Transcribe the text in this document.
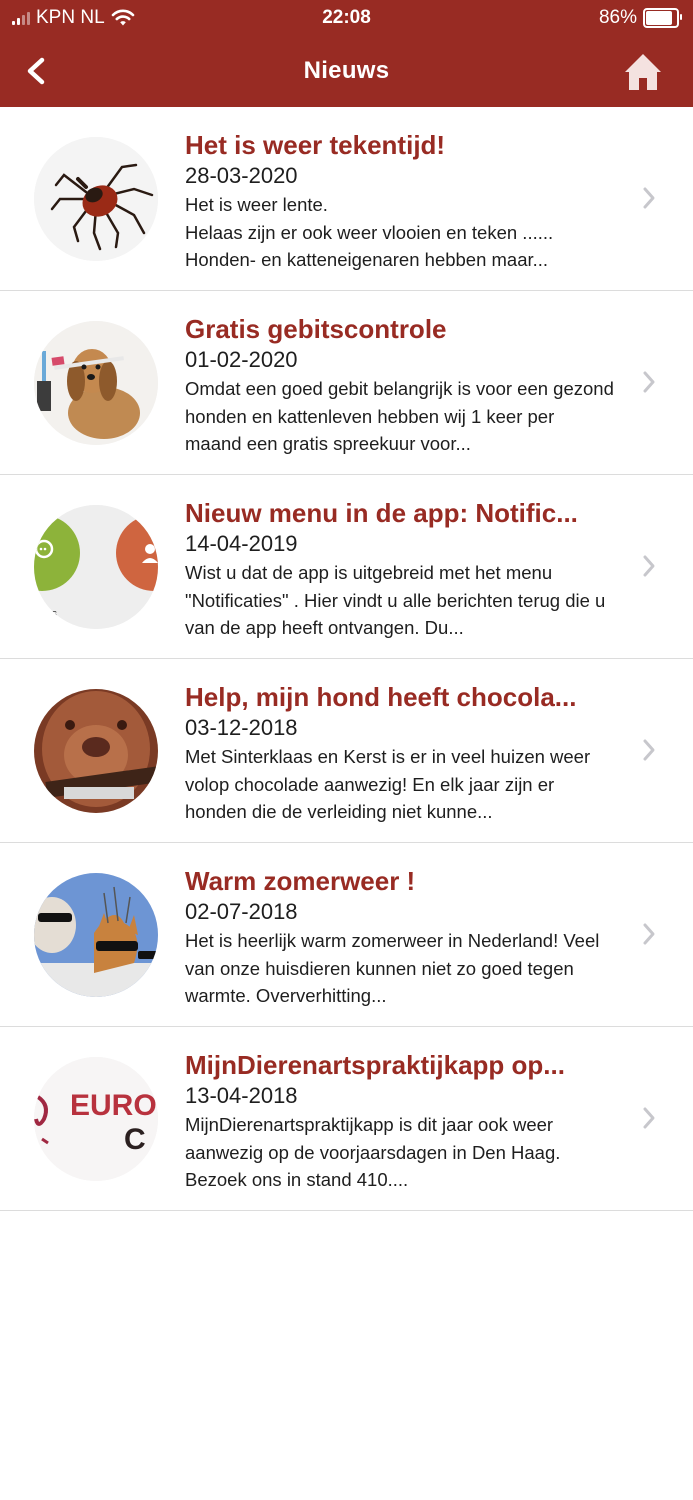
KPN NL	22:08	86%
Nieuws
Het is weer tekentijd!
28-03-2020
Het is weer lente.
Helaas zijn er ook weer vlooien en teken ......
Honden- en katteneigenaren hebben maar...
Gratis gebitscontrole
01-02-2020
Omdat een goed gebit belangrijk is voor een gezond honden en kattenleven hebben wij 1 keer per maand een gratis spreekuur voor...
ties
Nieuw menu in de app: Notific...
14-04-2019
Wist u dat de app is uitgebreid met het menu "Notificaties" . Hier vindt u alle berichten terug die u van de app heeft ontvangen. Du...
Help, mijn hond heeft chocola...
03-12-2018
Met Sinterklaas en Kerst is er in veel huizen weer volop chocolade aanwezig! En elk jaar zijn er honden die de verleiding niet kunne...
Warm zomerweer !
02-07-2018
Het is heerlijk warm zomerweer in Nederland! Veel van onze huisdieren kunnen niet zo goed tegen warmte. Oververhitting...
EURO
C
MijnDierenartspraktijkapp op...
13-04-2018
MijnDierenartspraktijkapp is dit jaar ook weer aanwezig op de voorjaarsdagen in Den Haag. Bezoek ons in stand 410....
